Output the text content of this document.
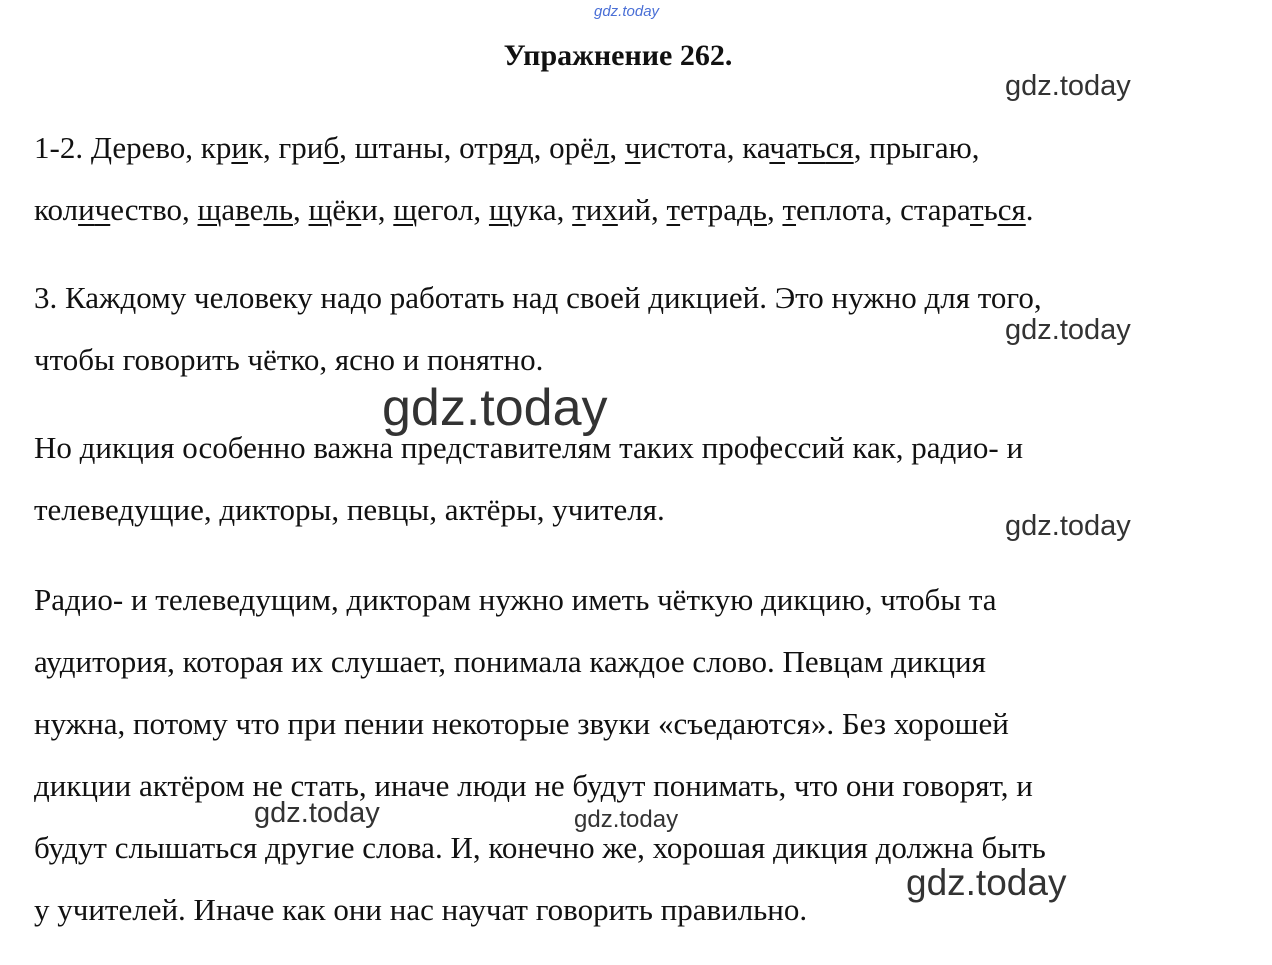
gdz.today
Упражнение 262.
gdz.today
1-2. Дерево, крик, гриб, штаны, отряд, орёл, чистота, качаться, прыгаю,
количество, щавель, щёки, щегол, щука, тихий, тетрадь, теплота, стараться.
3. Каждому человеку надо работать над своей дикцией. Это нужно для того,
чтобы говорить чётко, ясно и понятно.
gdz.today
gdz.today
Но дикция особенно важна представителям таких профессий как, радио- и
телеведущие, дикторы, певцы, актёры, учителя.	gdz.today
Радио- и телеведущим, дикторам нужно иметь чёткую дикцию, чтобы та
аудитория, которая их слушает, понимала каждое слово. Певцам дикция
нужна, потому что при пении некоторые звуки «съедаются». Без хорошей
дикции актёром не стать, иначе люди не будут понимать, что они говорят, и
будут слышаться другие слова. И, конечно же, хорошая дикция должна быть
у учителей. Иначе как они нас научат говорить правильно.
gdz.today	gdz.today
gdz.today
